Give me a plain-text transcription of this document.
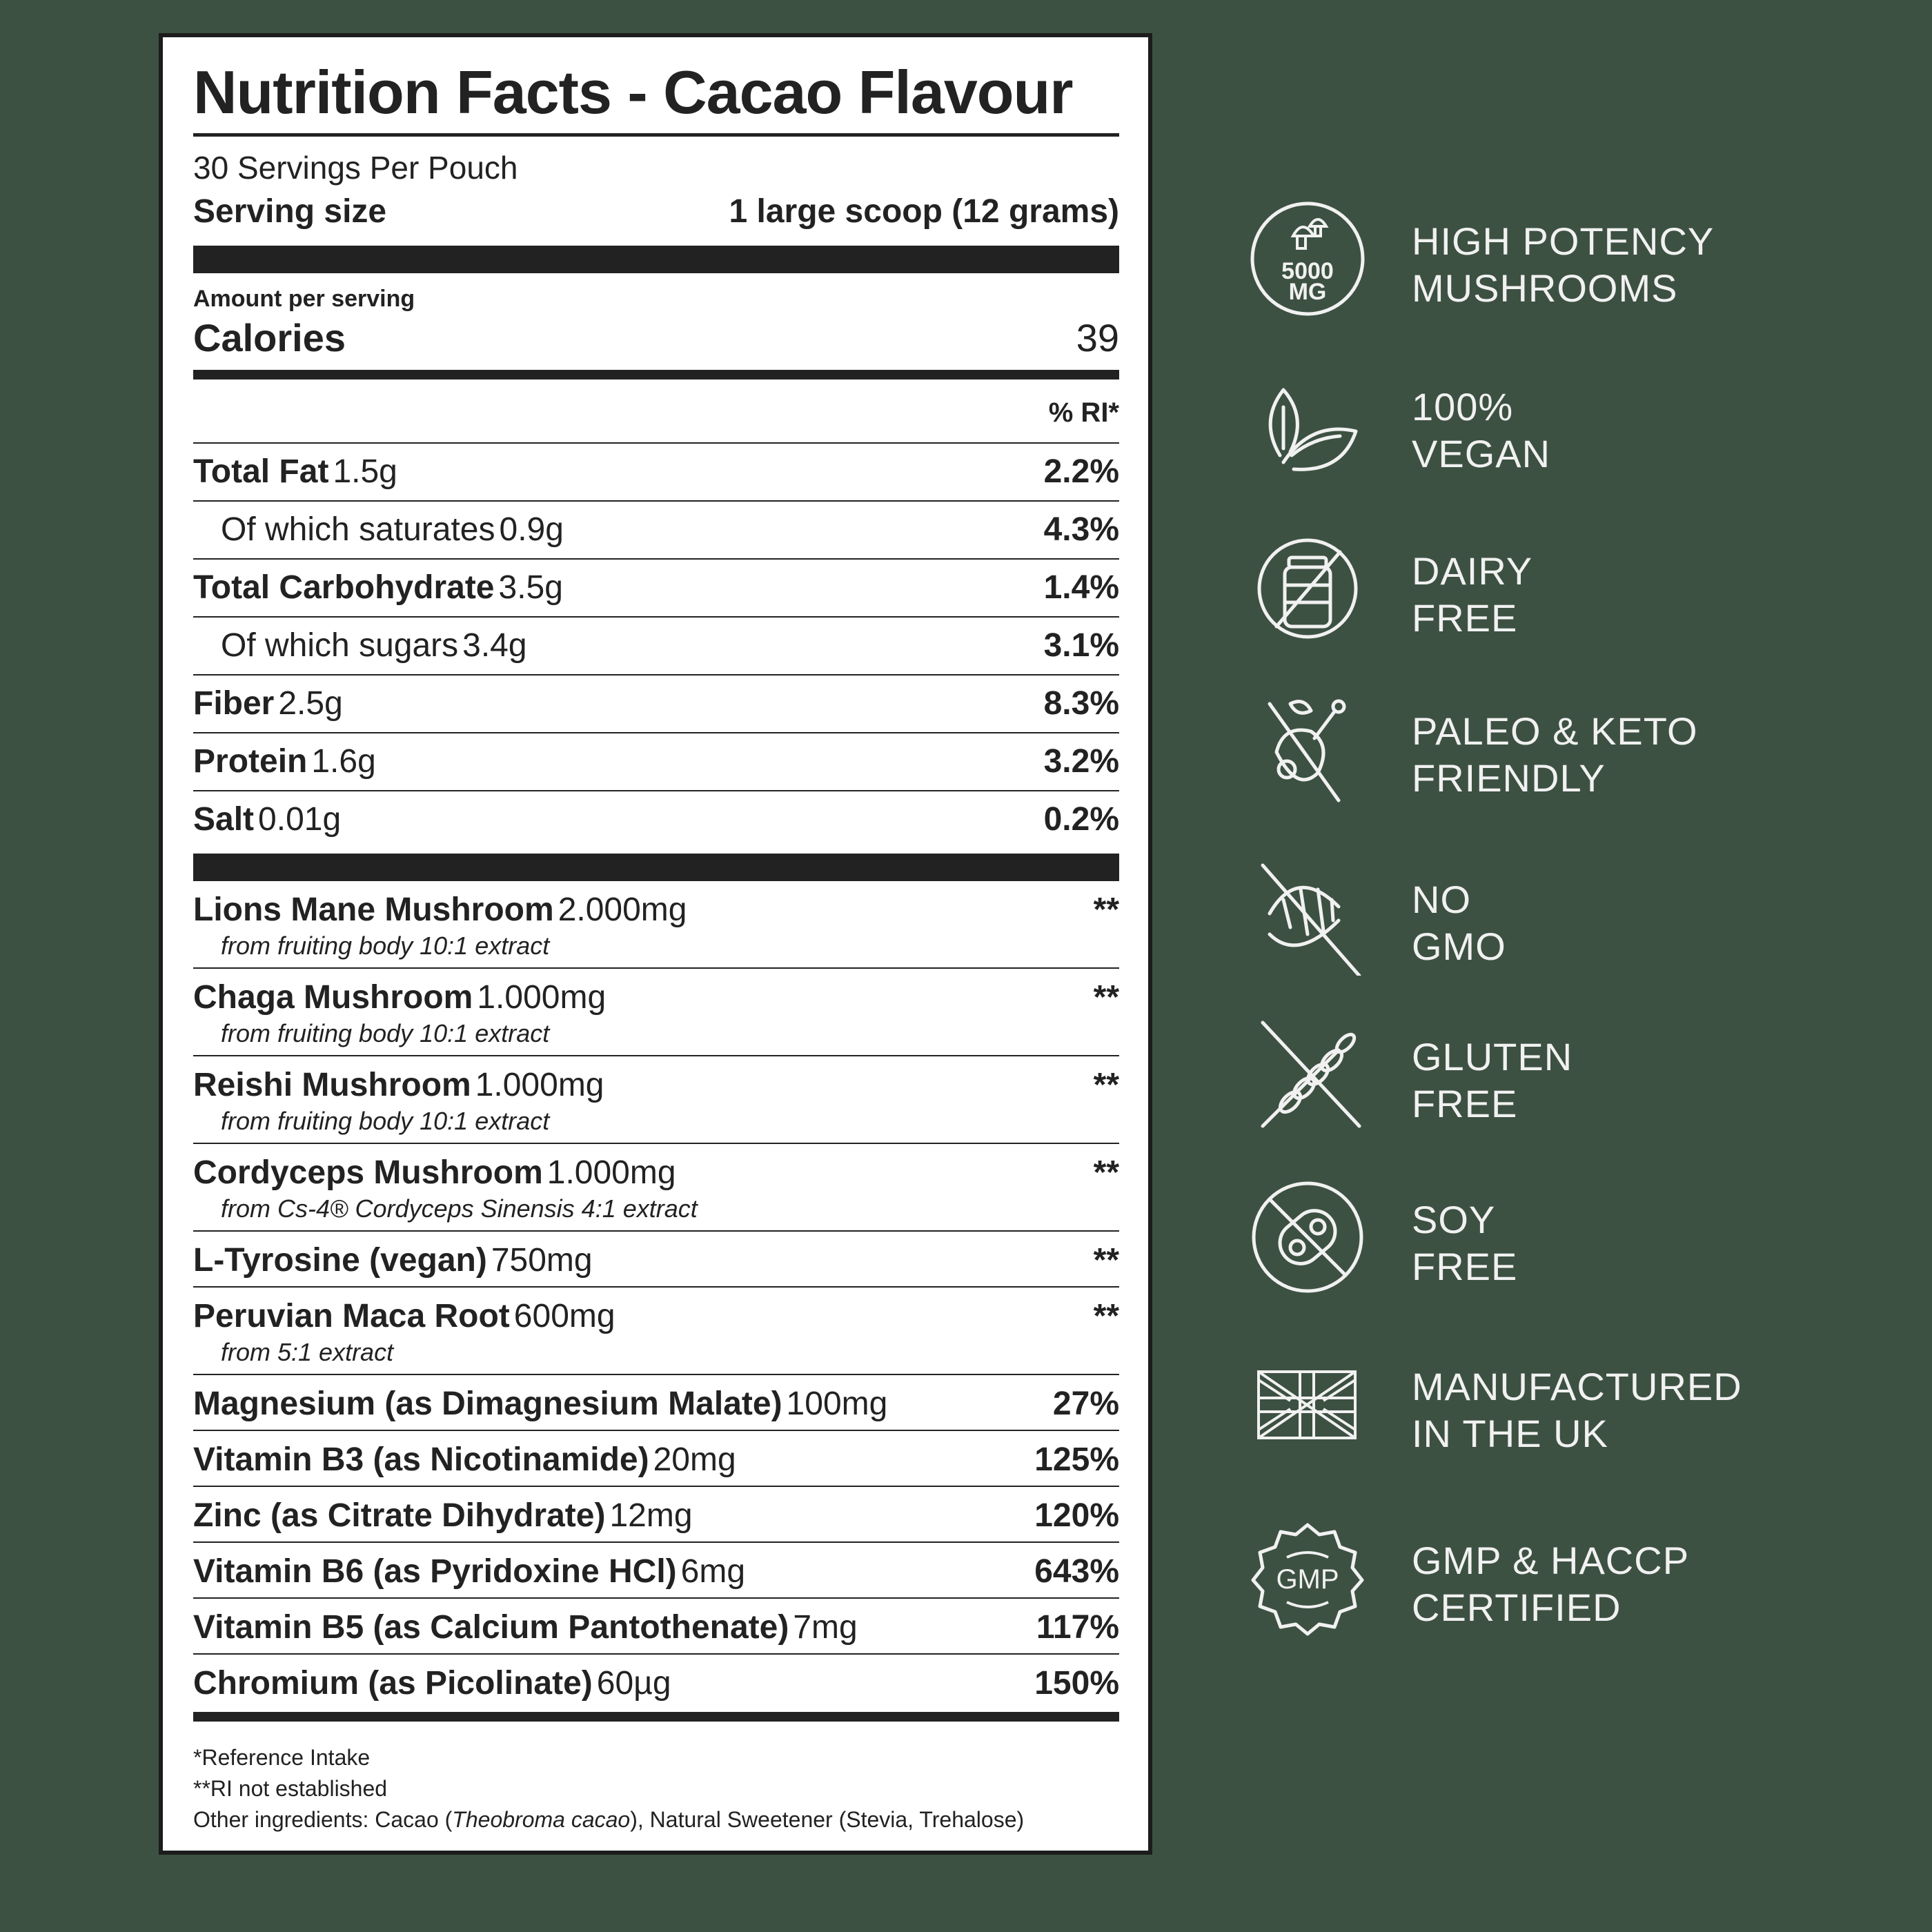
Nutrition Facts - Cacao Flavour
30 Servings Per Pouch
Serving size	1 large scoop (12 grams)
Amount per serving
Calories	39
% RI*
Total Fat 1.5g	2.2%
Of which saturates 0.9g	4.3%
Total Carbohydrate 3.5g	1.4%
Of which sugars 3.4g	3.1%
Fiber 2.5g	8.3%
Protein 1.6g	3.2%
Salt 0.01g	0.2%
Lions Mane Mushroom 2.000mg	**
from fruiting body 10:1 extract
Chaga Mushroom 1.000mg	**
from fruiting body 10:1 extract
Reishi Mushroom 1.000mg	**
from fruiting body 10:1 extract
Cordyceps Mushroom 1.000mg	**
from Cs-4® Cordyceps Sinensis 4:1 extract
L-Tyrosine (vegan) 750mg	**
Peruvian Maca Root 600mg	**
from 5:1 extract
Magnesium (as Dimagnesium Malate) 100mg	27%
Vitamin B3 (as Nicotinamide) 20mg	125%
Zinc (as Citrate Dihydrate) 12mg	120%
Vitamin B6 (as Pyridoxine HCl) 6mg	643%
Vitamin B5 (as Calcium Pantothenate) 7mg	117%
Chromium (as Picolinate) 60µg	150%
*Reference Intake
**RI not established
Other ingredients: Cacao (Theobroma cacao), Natural Sweetener (Stevia, Trehalose)
5000
MG
HIGH POTENCY
MUSHROOMS
100%
VEGAN
DAIRY
FREE
PALEO & KETO
FRIENDLY
NO
GMO
GLUTEN
FREE
SOY
FREE
MANUFACTURED
IN THE UK
GMP GMP & HACCP
CERTIFIED
